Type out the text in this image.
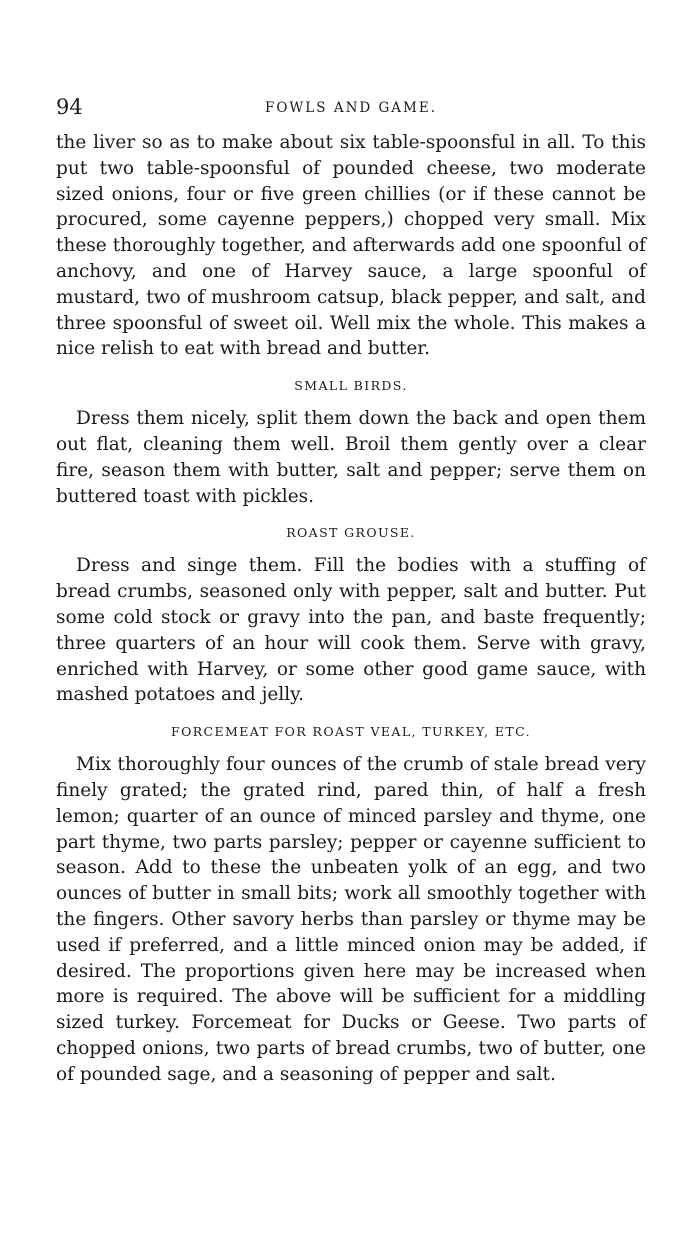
94	FOWLS AND GAME.

the liver so as to make about six table-spoonsful in all. To this put two table-spoonsful of pounded cheese, two moderate sized onions, four or five green chillies (or if these cannot be procured, some cayenne peppers,) chopped very small. Mix these thoroughly together, and afterwards add one spoonful of anchovy, and one of Harvey sauce, a large spoonful of mustard, two of mushroom catsup, black pepper, and salt, and three spoonsful of sweet oil. Well mix the whole. This makes a nice relish to eat with bread and butter.

SMALL BIRDS.

Dress them nicely, split them down the back and open them out flat, cleaning them well. Broil them gently over a clear fire, season them with butter, salt and pepper; serve them on buttered toast with pickles.

ROAST GROUSE.

Dress and singe them. Fill the bodies with a stuffing of bread crumbs, seasoned only with pepper, salt and butter. Put some cold stock or gravy into the pan, and baste frequently; three quarters of an hour will cook them. Serve with gravy, enriched with Harvey, or some other good game sauce, with mashed potatoes and jelly.

FORCEMEAT FOR ROAST VEAL, TURKEY, ETC.

Mix thoroughly four ounces of the crumb of stale bread very finely grated; the grated rind, pared thin, of half a fresh lemon; quarter of an ounce of minced parsley and thyme, one part thyme, two parts parsley; pepper or cayenne sufficient to season. Add to these the unbeaten yolk of an egg, and two ounces of butter in small bits; work all smoothly together with the fingers. Other savory herbs than parsley or thyme may be used if preferred, and a little minced onion may be added, if desired. The proportions given here may be increased when more is required. The above will be sufficient for a middling sized turkey. Forcemeat for Ducks or Geese. Two parts of chopped onions, two parts of bread crumbs, two of butter, one of pounded sage, and a seasoning of pepper and salt.
